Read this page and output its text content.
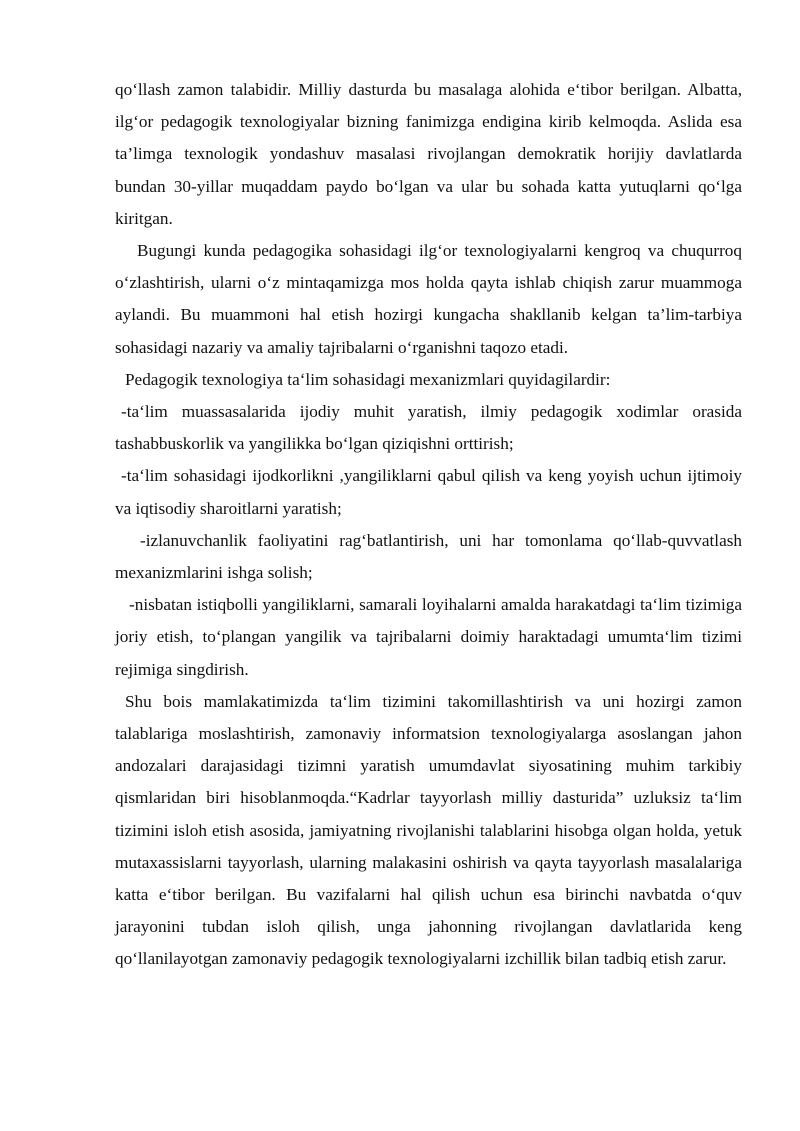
qo‘llash zamon talabidir. Milliy dasturda bu masalaga alohida e‘tibor berilgan. Albatta, ilg‘or pedagogik texnologiyalar bizning fanimizga endigina kirib kelmoqda. Aslida esa ta’limga texnologik yondashuv masalasi rivojlangan demokratik horijiy davlatlarda bundan 30-yillar muqaddam paydo bo‘lgan va ular bu sohada katta yutuqlarni qo‘lga kiritgan.

Bugungi kunda pedagogika sohasidagi ilg‘or texnologiyalarni kengroq va chuqurroq o‘zlashtirish, ularni o‘z mintaqamizga mos holda qayta ishlab chiqish zarur muammoga aylandi. Bu muammoni hal etish hozirgi kungacha shakllanib kelgan ta’lim-tarbiya sohasidagi nazariy va amaliy tajribalarni o‘rganishni taqozo etadi.

Pedagogik texnologiya ta‘lim sohasidagi mexanizmlari quyidagilardir:

-ta‘lim muassasalarida ijodiy muhit yaratish, ilmiy pedagogik xodimlar orasida tashabbuskorlik va yangilikka bo‘lgan qiziqishni orttirish;

-ta‘lim sohasidagi ijodkorlikni ,yangiliklarni qabul qilish va keng yoyish uchun ijtimoiy va iqtisodiy sharoitlarni yaratish;

-izlanuvchanlik faoliyatini rag‘batlantirish, uni har tomonlama qo‘llab-quvvatlash mexanizmlarini ishga solish;

-nisbatan istiqbolli yangiliklarni, samarali loyihalarni amalda harakatdagi ta‘lim tizimiga joriy etish, to‘plangan yangilik va tajribalarni doimiy haraktadagi umumta‘lim tizimi rejimiga singdirish.

Shu bois mamlakatimizda ta‘lim tizimini takomillashtirish va uni hozirgi zamon talablariga moslashtirish, zamonaviy informatsion texnologiyalarga asoslangan jahon andozalari darajasidagi tizimni yaratish umumdavlat siyosatining muhim tarkibiy qismlaridan biri hisoblanmoqda.“Kadrlar tayyorlash milliy dasturida” uzluksiz ta‘lim tizimini isloh etish asosida, jamiyatning rivojlanishi talablarini hisobga olgan holda, yetuk mutaxassislarni tayyorlash, ularning malakasini oshirish va qayta tayyorlash masalalariga katta e‘tibor berilgan. Bu vazifalarni hal qilish uchun esa birinchi navbatda o‘quv jarayonini tubdan isloh qilish, unga jahonning rivojlangan davlatlarida keng qo‘llanilayotgan zamonaviy pedagogik texnologiyalarni izchillik bilan tadbiq etish zarur.
